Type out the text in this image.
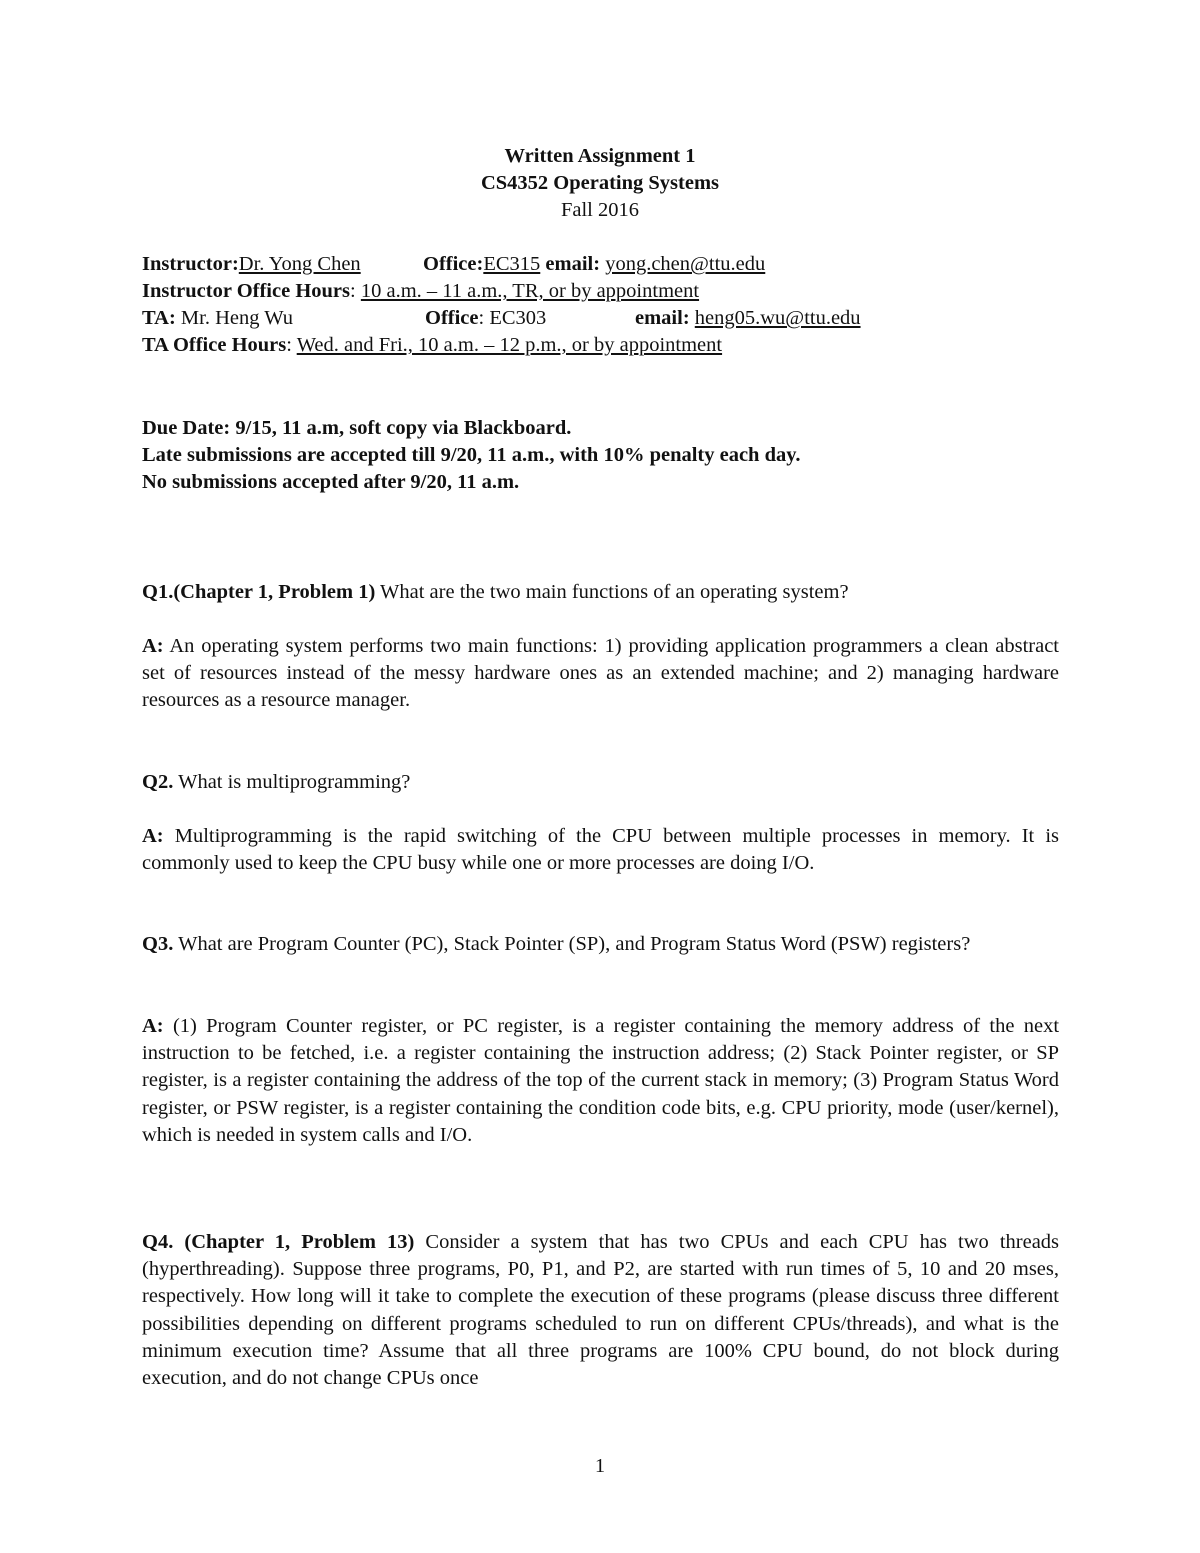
Written Assignment 1
CS4352 Operating Systems
Fall 2016
Instructor:Dr. Yong Chen	Office:EC315 email: yong.chen@ttu.edu
Instructor Office Hours: 10 a.m. – 11 a.m., TR, or by appointment
TA: Mr. Heng Wu	Office: EC303	email: heng05.wu@ttu.edu
TA Office Hours: Wed. and Fri., 10 a.m. – 12 p.m., or by appointment
Due Date: 9/15, 11 a.m, soft copy via Blackboard.
Late submissions are accepted till 9/20, 11 a.m., with 10% penalty each day.
No submissions accepted after 9/20, 11 a.m.

Q1.(Chapter 1, Problem 1) What are the two main functions of an operating system?

A: An operating system performs two main functions: 1) providing application programmers a clean abstract set of resources instead of the messy hardware ones as an extended machine; and 2) managing hardware resources as a resource manager.

Q2. What is multiprogramming?

A: Multiprogramming is the rapid switching of the CPU between multiple processes in memory. It is commonly used to keep the CPU busy while one or more processes are doing I/O.

Q3. What are Program Counter (PC), Stack Pointer (SP), and Program Status Word (PSW) registers?

A: (1) Program Counter register, or PC register, is a register containing the memory address of the next instruction to be fetched, i.e. a register containing the instruction address; (2) Stack Pointer register, or SP register, is a register containing the address of the top of the current stack in memory; (3) Program Status Word register, or PSW register, is a register containing the condition code bits, e.g. CPU priority, mode (user/kernel), which is needed in system calls and I/O.

Q4. (Chapter 1, Problem 13) Consider a system that has two CPUs and each CPU has two threads (hyperthreading). Suppose three programs, P0, P1, and P2, are started with run times of 5, 10 and 20 mses, respectively. How long will it take to complete the execution of these programs (please discuss three different possibilities depending on different programs scheduled to run on different CPUs/threads), and what is the minimum execution time? Assume that all three programs are 100% CPU bound, do not block during execution, and do not change CPUs once

1
